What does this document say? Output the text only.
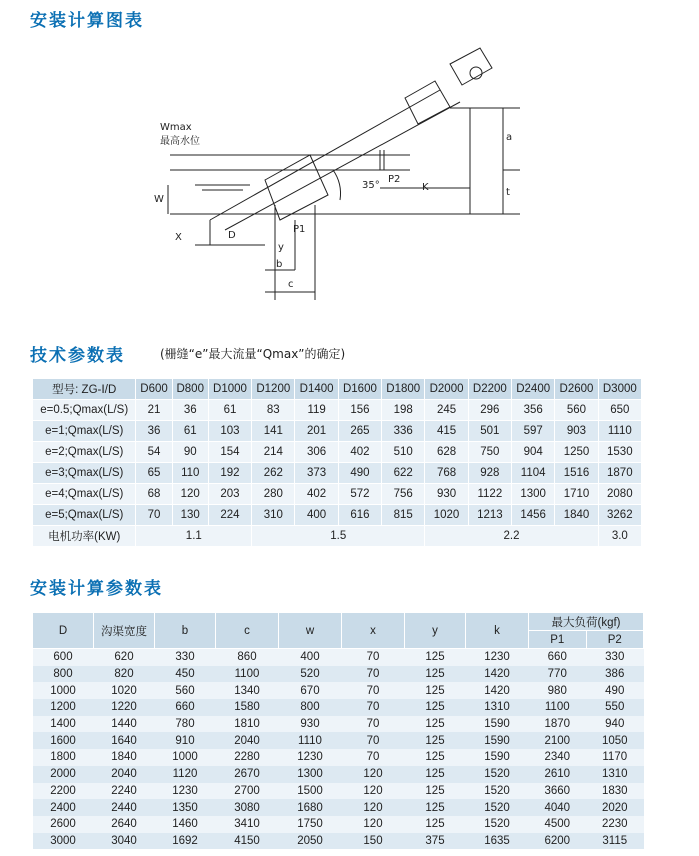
安装计算图表
Wmax
最高水位
W
X	D
P1
P2
35°
y
b
c
K
a
t
技术参数表	(栅缝“e”最大流量“Qmax”的确定)
型号: ZG-Ⅰ/D	D600	D800	D1000	D1200	D1400	D1600	D1800	D2000	D2200	D2400	D2600	D3000
e=0.5;Qmax(L/S)	21	36	61	83	119	156	198	245	296	356	560	650
e=1;Qmax(L/S)	36	61	103	141	201	265	336	415	501	597	903	1110
e=2;Qmax(L/S)	54	90	154	214	306	402	510	628	750	904	1250	1530
e=3;Qmax(L/S)	65	110	192	262	373	490	622	768	928	1104	1516	1870
e=4;Qmax(L/S)	68	120	203	280	402	572	756	930	1122	1300	1710	2080
e=5;Qmax(L/S)	70	130	224	310	400	616	815	1020	1213	1456	1840	3262
电机功率(KW)	1.1			1.5				2.2				3.0
安装计算参数表
D	沟渠宽度	b	c	w	x	y	k	最大负荷(kgf)	
								P1	P2
600	620	330	860	400	70	125	1230	660	330
800	820	450	1100	520	70	125	1420	770	386
1000	1020	560	1340	670	70	125	1420	980	490
1200	1220	660	1580	800	70	125	1310	1100	550
1400	1440	780	1810	930	70	125	1590	1870	940
1600	1640	910	2040	1110	70	125	1590	2100	1050
1800	1840	1000	2280	1230	70	125	1590	2340	1170
2000	2040	1120	2670	1300	120	125	1520	2610	1310
2200	2240	1230	2700	1500	120	125	1520	3660	1830
2400	2440	1350	3080	1680	120	125	1520	4040	2020
2600	2640	1460	3410	1750	120	125	1520	4500	2230
3000	3040	1692	4150	2050	150	375	1635	6200	3115
